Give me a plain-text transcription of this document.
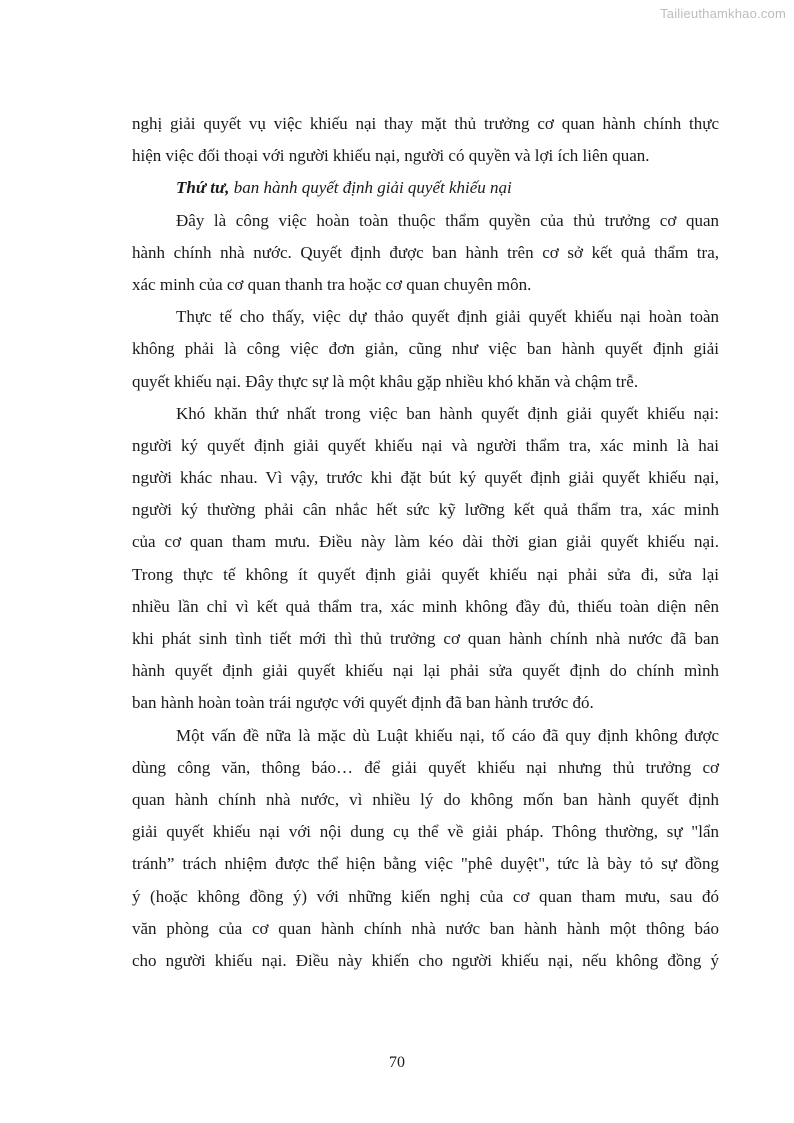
Tailieuthamkhao.com
nghị giải quyết vụ việc khiếu nại thay mặt thủ trưởng cơ quan hành chính thực
hiện việc đối thoại với người khiếu nại, người có quyền và lợi ích liên quan.
Thứ tư, ban hành quyết định giải quyết khiếu nại
Đây là công việc hoàn toàn thuộc thẩm quyền của thủ trưởng cơ quan
hành chính nhà nước. Quyết định được ban hành trên cơ sở kết quả thẩm tra,
xác minh của cơ quan thanh tra hoặc cơ quan chuyên môn.
Thực tế cho thấy, việc dự thảo quyết định giải quyết khiếu nại hoàn toàn
không phải là công việc đơn giản, cũng như việc ban hành quyết định giải
quyết khiếu nại. Đây thực sự là một khâu gặp nhiều khó khăn và chậm trễ.
Khó khăn thứ nhất trong việc ban hành quyết định giải quyết khiếu nại:
người ký quyết định giải quyết khiếu nại và người thẩm tra, xác minh là hai
người khác nhau. Vì vậy, trước khi đặt bút ký quyết định giải quyết khiếu nại,
người ký thường phải cân nhắc hết sức kỹ lưỡng kết quả thẩm tra, xác minh
của cơ quan tham mưu. Điều này làm kéo dài thời gian giải quyết khiếu nại.
Trong thực tế không ít quyết định giải quyết khiếu nại phải sửa đi, sửa lại
nhiều lần chỉ vì kết quả thẩm tra, xác minh không đầy đủ, thiếu toàn diện nên
khi phát sinh tình tiết mới thì thủ trưởng cơ quan hành chính nhà nước đã ban
hành quyết định giải quyết khiếu nại lại phải sửa quyết định do chính mình
ban hành hoàn toàn trái ngược với quyết định đã ban hành trước đó.
Một vấn đề nữa là mặc dù Luật khiếu nại, tố cáo đã quy định không được
dùng công văn, thông báo… để giải quyết khiếu nại nhưng thủ trưởng cơ
quan hành chính nhà nước, vì nhiều lý do không mốn ban hành quyết định
giải quyết khiếu nại với nội dung cụ thể về giải pháp. Thông thường, sự "lẩn
tránh” trách nhiệm được thể hiện bằng việc "phê duyệt", tức là bày tỏ sự đồng
ý (hoặc không đồng ý) với những kiến nghị của cơ quan tham mưu, sau đó
văn phòng của cơ quan hành chính nhà nước ban hành hành một thông báo
cho người khiếu nại. Điều này khiến cho người khiếu nại, nếu không đồng ý
70
